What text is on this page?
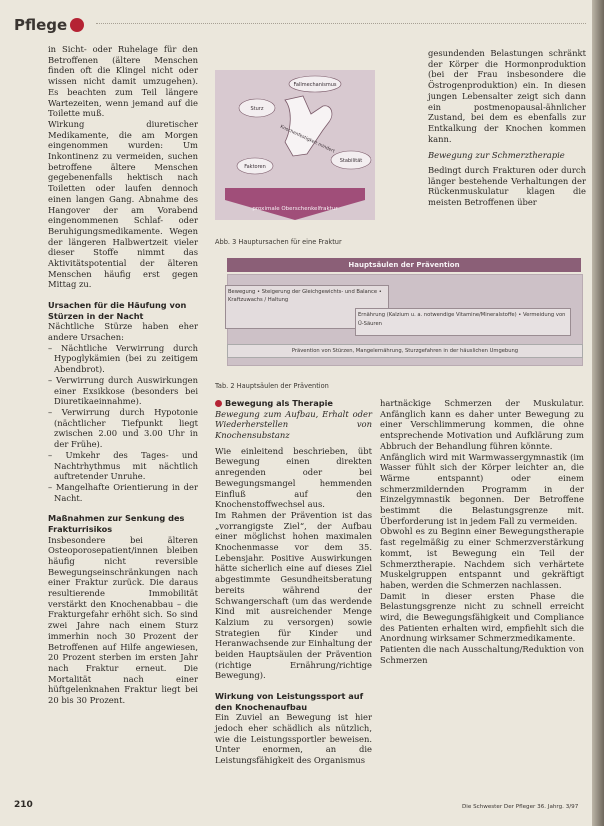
Pflege

in Sicht- oder Ruhelage für den Betroffenen (ältere Menschen finden oft die Klingel nicht oder wissen nicht damit umzugehen). Es beachten zum Teil längere Wartezeiten, wenn jemand auf die Toilette muß.

Wirkung diuretischer Medikamente, die am Morgen eingenommen wurden: Um Inkontinenz zu vermeiden, suchen betroffene ältere Menschen gegebenenfalls hektisch nach Toiletten oder laufen dennoch einen langen Gang. Abnahme des Hangover der am Vorabend eingenommenen Schlaf- oder Beruhigungsmedikamente. Wegen der längeren Halbwertzeit vieler dieser Stoffe nimmt das Aktivitätspotential der älteren Menschen häufig erst gegen Mittag zu.

Ursachen für die Häufung von Stürzen in der Nacht

Nächtliche Stürze haben eher andere Ursachen:

– Nächtliche Verwirrung durch Hypoglykämien (bei zu zeitigem Abendbrot).

– Verwirrung durch Auswirkungen einer Exsikkose (besonders bei Diuretikaeinnahme).

– Verwirrung durch Hypotonie (nächtlicher Tiefpunkt liegt zwischen 2.00 und 3.00 Uhr in der Frühe).

– Umkehr des Tages- und Nachtrhythmus mit nächtlich auftretender Unruhe.

– Mangelhafte Orientierung in der Nacht.

Maßnahmen zur Senkung des Frakturrisikos

Insbesondere bei älteren Osteoporosepatient/innen bleiben häufig nicht reversible Bewegungseinschränkungen nach einer Fraktur zurück. Die daraus resultierende Immobilität verstärkt den Knochenabbau – die Frakturgefahr erhöht sich. So sind zwei Jahre nach einem Sturz immerhin noch 30 Prozent der Betroffenen auf Hilfe angewiesen, 20 Prozent sterben im ersten Jahr nach Fraktur erneut. Die Mortalität nach einer hüftgelenknahen Fraktur liegt bei 20 bis 30 Prozent.

Fallmechanismus
Sturz
Knochenfestigkeit mindert
Stabilität
Faktoren
proximale Oberschenkelfraktur
Abb. 3 Hauptursachen für eine Fraktur
Hauptsäulen der Prävention
Bewegung • Steigerung der Gleichgewichts- und Balance • Kraftzuwachs / Haltung
Ernährung (Kalzium u. a. notwendige Vitamine/Mineralstoffe) • Vermeidung von Ü-Säuren
Prävention von Stürzen, Mangelernährung, Sturzgefahren in der häuslichen Umgebung
Tab. 2 Hauptsäulen der Prävention
Bewegung als Therapie

Bewegung zum Aufbau, Erhalt oder Wiederherstellen von Knochensubstanz

Wie einleitend beschrieben, übt Bewegung einen direkten anregenden oder bei Bewegungsmangel hemmenden Einfluß auf den Knochenstoffwechsel aus.

Im Rahmen der Prävention ist das „vorrangigste Ziel“, der Aufbau einer möglichst hohen maximalen Knochenmasse vor dem 35. Lebensjahr. Positive Auswirkungen hätte sicherlich eine auf dieses Ziel abgestimmte Gesundheitsberatung bereits während der Schwangerschaft (um das werdende Kind mit ausreichender Menge Kalzium zu versorgen) sowie Strategien für Kinder und Heranwachsende zur Einhaltung der beiden Hauptsäulen der Prävention (richtige Ernährung/richtige Bewegung).

Wirkung von Leistungssport auf den Knochenaufbau

Ein Zuviel an Bewegung ist hier jedoch eher schädlich als nützlich, wie die Leistungssportler beweisen. Unter enormen, an die Leistungsfähigkeit des Organismus

gesundenden Belastungen schränkt der Körper die Hormonproduktion (bei der Frau insbesondere die Östrogenproduktion) ein. In diesen jungen Lebensalter zeigt sich dann ein postmenopausal-ähnlicher Zustand, bei dem es ebenfalls zur Entkalkung der Knochen kommen kann.

Bewegung zur Schmerztherapie

Bedingt durch Frakturen oder durch länger bestehende Verhaltungen der Rückenmuskulatur klagen die meisten Betroffenen über

hartnäckige Schmerzen der Muskulatur. Anfänglich kann es daher unter Bewegung zu einer Verschlimmerung kommen, die ohne entsprechende Motivation und Aufklärung zum Abbruch der Behandlung führen könnte.

Anfänglich wird mit Warmwassergymnastik (im Wasser fühlt sich der Körper leichter an, die Wärme entspannt) oder einem schmerzmildernden Programm in der Einzelgymnastik begonnen. Der Betroffene bestimmt die Belastungsgrenze mit. Überforderung ist in jedem Fall zu vermeiden.

Obwohl es zu Beginn einer Bewegungstherapie fast regelmäßig zu einer Schmerzverstärkung kommt, ist Bewegung ein Teil der Schmerztherapie. Nachdem sich verhärtete Muskelgruppen entspannt und gekräftigt haben, werden die Schmerzen nachlassen.

Damit in dieser ersten Phase die Belastungsgrenze nicht zu schnell erreicht wird, die Bewegungsfähigkeit und Compliance des Patienten erhalten wird, empfiehlt sich die Anordnung wirksamer Schmerzmedikamente.

Patienten die nach Ausschaltung/Reduktion von Schmerzen

210	Die Schwester Der Pfleger 36. Jahrg. 3/97
